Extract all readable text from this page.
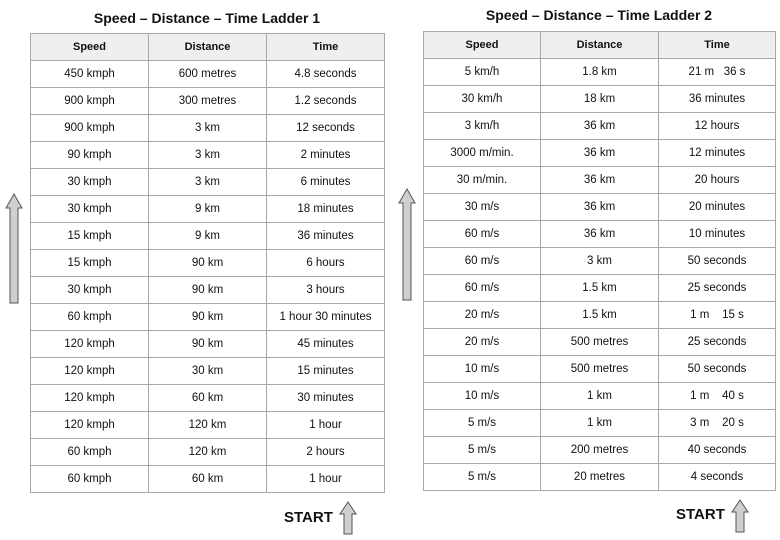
Speed – Distance – Time Ladder 1
Speed	Distance	Time
450 kmph	600 metres	4.8 seconds
900 kmph	300 metres	1.2 seconds
900 kmph	3 km	12 seconds
90 kmph	3 km	2 minutes
30 kmph	3 km	6 minutes
30 kmph	9 km	18 minutes
15 kmph	9 km	36 minutes
15 kmph	90 km	6 hours
30 kmph	90 km	3 hours
60 kmph	90 km	1 hour 30 minutes
120 kmph	90 km	45 minutes
120 kmph	30 km	15 minutes
120 kmph	60 km	30 minutes
120 kmph	120 km	1 hour
60 kmph	120 km	2 hours
60 kmph	60 km	1 hour
START
Speed – Distance – Time Ladder 2
Speed	Distance	Time
5 km/h	1.8 km	21 m   36 s
30 km/h	18 km	36 minutes
3 km/h	36 km	12 hours
3000 m/min.	36 km	12 minutes
30 m/min.	36 km	20 hours
30 m/s	36 km	20 minutes
60 m/s	36 km	10 minutes
60 m/s	3 km	50 seconds
60 m/s	1.5 km	25 seconds
20 m/s	1.5 km	1 m    15 s
20 m/s	500 metres	25 seconds
10 m/s	500 metres	50 seconds
10 m/s	1 km	1 m    40 s
5 m/s	1 km	3 m    20 s
5 m/s	200 metres	40 seconds
5 m/s	20 metres	4 seconds
START
